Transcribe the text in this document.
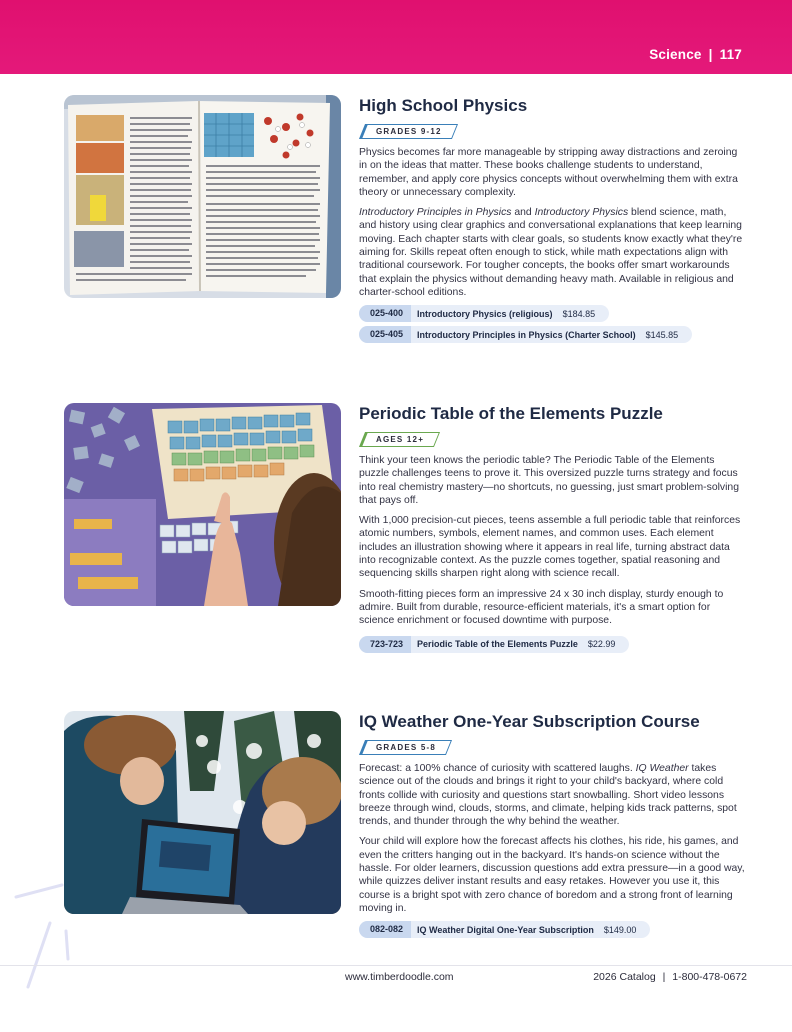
Science | 117
High School Physics
GRADES 9-12

Physics becomes far more manageable by stripping away distractions and zeroing in on the ideas that matter. These books challenge students to understand, remember, and apply core physics concepts without overwhelming them with extra theory or unnecessary complexity.

Introductory Principles in Physics and Introductory Physics blend science, math, and history using clear graphics and conversational explanations that keep learning moving. Each chapter starts with clear goals, so students know exactly what they're aiming for. Skills repeat often enough to stick, while math expectations align with traditional coursework. For tougher concepts, the books offer smart workarounds that explain the physics without demanding heavy math. Available in religious and charter-school editions.

025-400	Introductory Physics (religious)	$184.85
025-405	Introductory Principles in Physics (Charter School)	$145.85
Periodic Table of the Elements Puzzle
AGES 12+

Think your teen knows the periodic table? The Periodic Table of the Elements puzzle challenges teens to prove it. This oversized puzzle turns strategy and focus into real chemistry mastery—no shortcuts, no guessing, just smart problem-solving that pays off.

With 1,000 precision-cut pieces, teens assemble a full periodic table that reinforces atomic numbers, symbols, element names, and common uses. Each element includes an illustration showing where it appears in real life, turning abstract data into recognizable context. As the puzzle comes together, spatial reasoning and sequencing skills sharpen right along with science recall.

Smooth-fitting pieces form an impressive 24 x 30 inch display, sturdy enough to admire. Built from durable, resource-efficient materials, it's a smart option for science enrichment or focused downtime with purpose.

723-723	Periodic Table of the Elements Puzzle	$22.99
IQ Weather One-Year Subscription Course
GRADES 5-8

Forecast: a 100% chance of curiosity with scattered laughs. IQ Weather takes science out of the clouds and brings it right to your child's backyard, where cold fronts collide with curiosity and questions start snowballing. Short video lessons breeze through wind, clouds, storms, and climate, helping kids track patterns, spot trends, and thunder through the why behind the weather.

Your child will explore how the forecast affects his clothes, his ride, his games, and even the critters hanging out in the backyard. It's hands-on science without the hassle. For older learners, discussion questions add extra pressure—in a good way, while quizzes deliver instant results and easy retakes. However you use it, this course is a bright spot with zero chance of boredom and a strong front of learning moving in.

082-082	IQ Weather Digital One-Year Subscription	$149.00
www.timberdoodle.com	2026 Catalog | 1-800-478-0672
